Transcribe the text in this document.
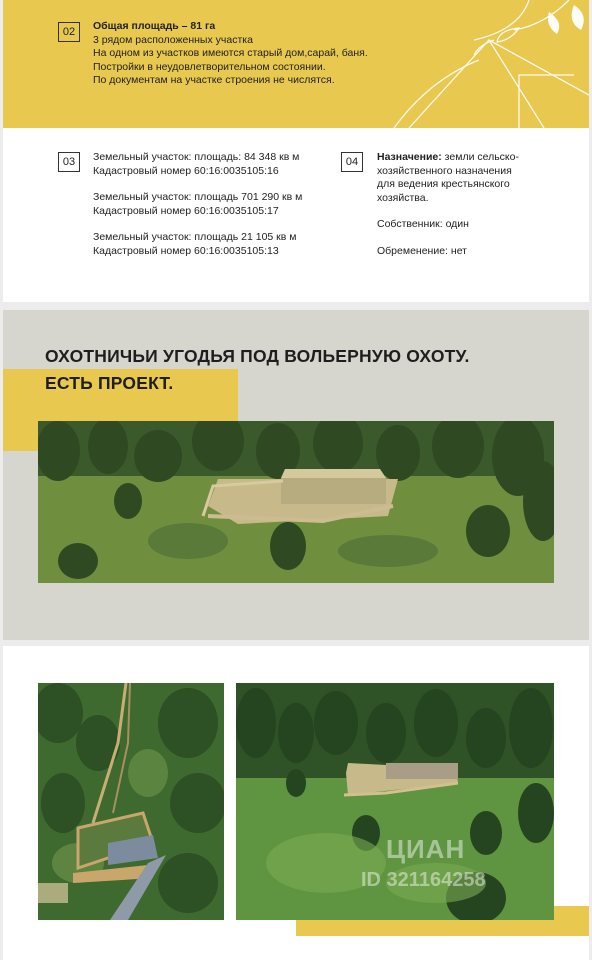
02	Общая площадь – 81 га

3 рядом расположенных участка

На одном из участков имеются старый дом,сарай, баня.

Постройки в неудовлетворительном состоянии.

По документам на участке строения не числятся.

03	Земельный участок: площадь: 84 348 кв м

Кадастровый номер 60:16:0035105:16

Земельный участок: площадь 701 290 кв м

Кадастровый номер 60:16:0035105:17

Земельный участок: площадь 21 105 кв м

Кадастровый номер 60:16:0035105:13

04	Назначение: земли сельско-

хозяйственного назначения

для ведения крестьянского

хозяйства.

Собственник: один

Обременение: нет

ОХОТНИЧЬИ УГОДЬЯ ПОД ВОЛЬЕРНУЮ ОХОТУ.
ЕСТЬ ПРОЕКТ.
ЦИАН
ID 321164258
